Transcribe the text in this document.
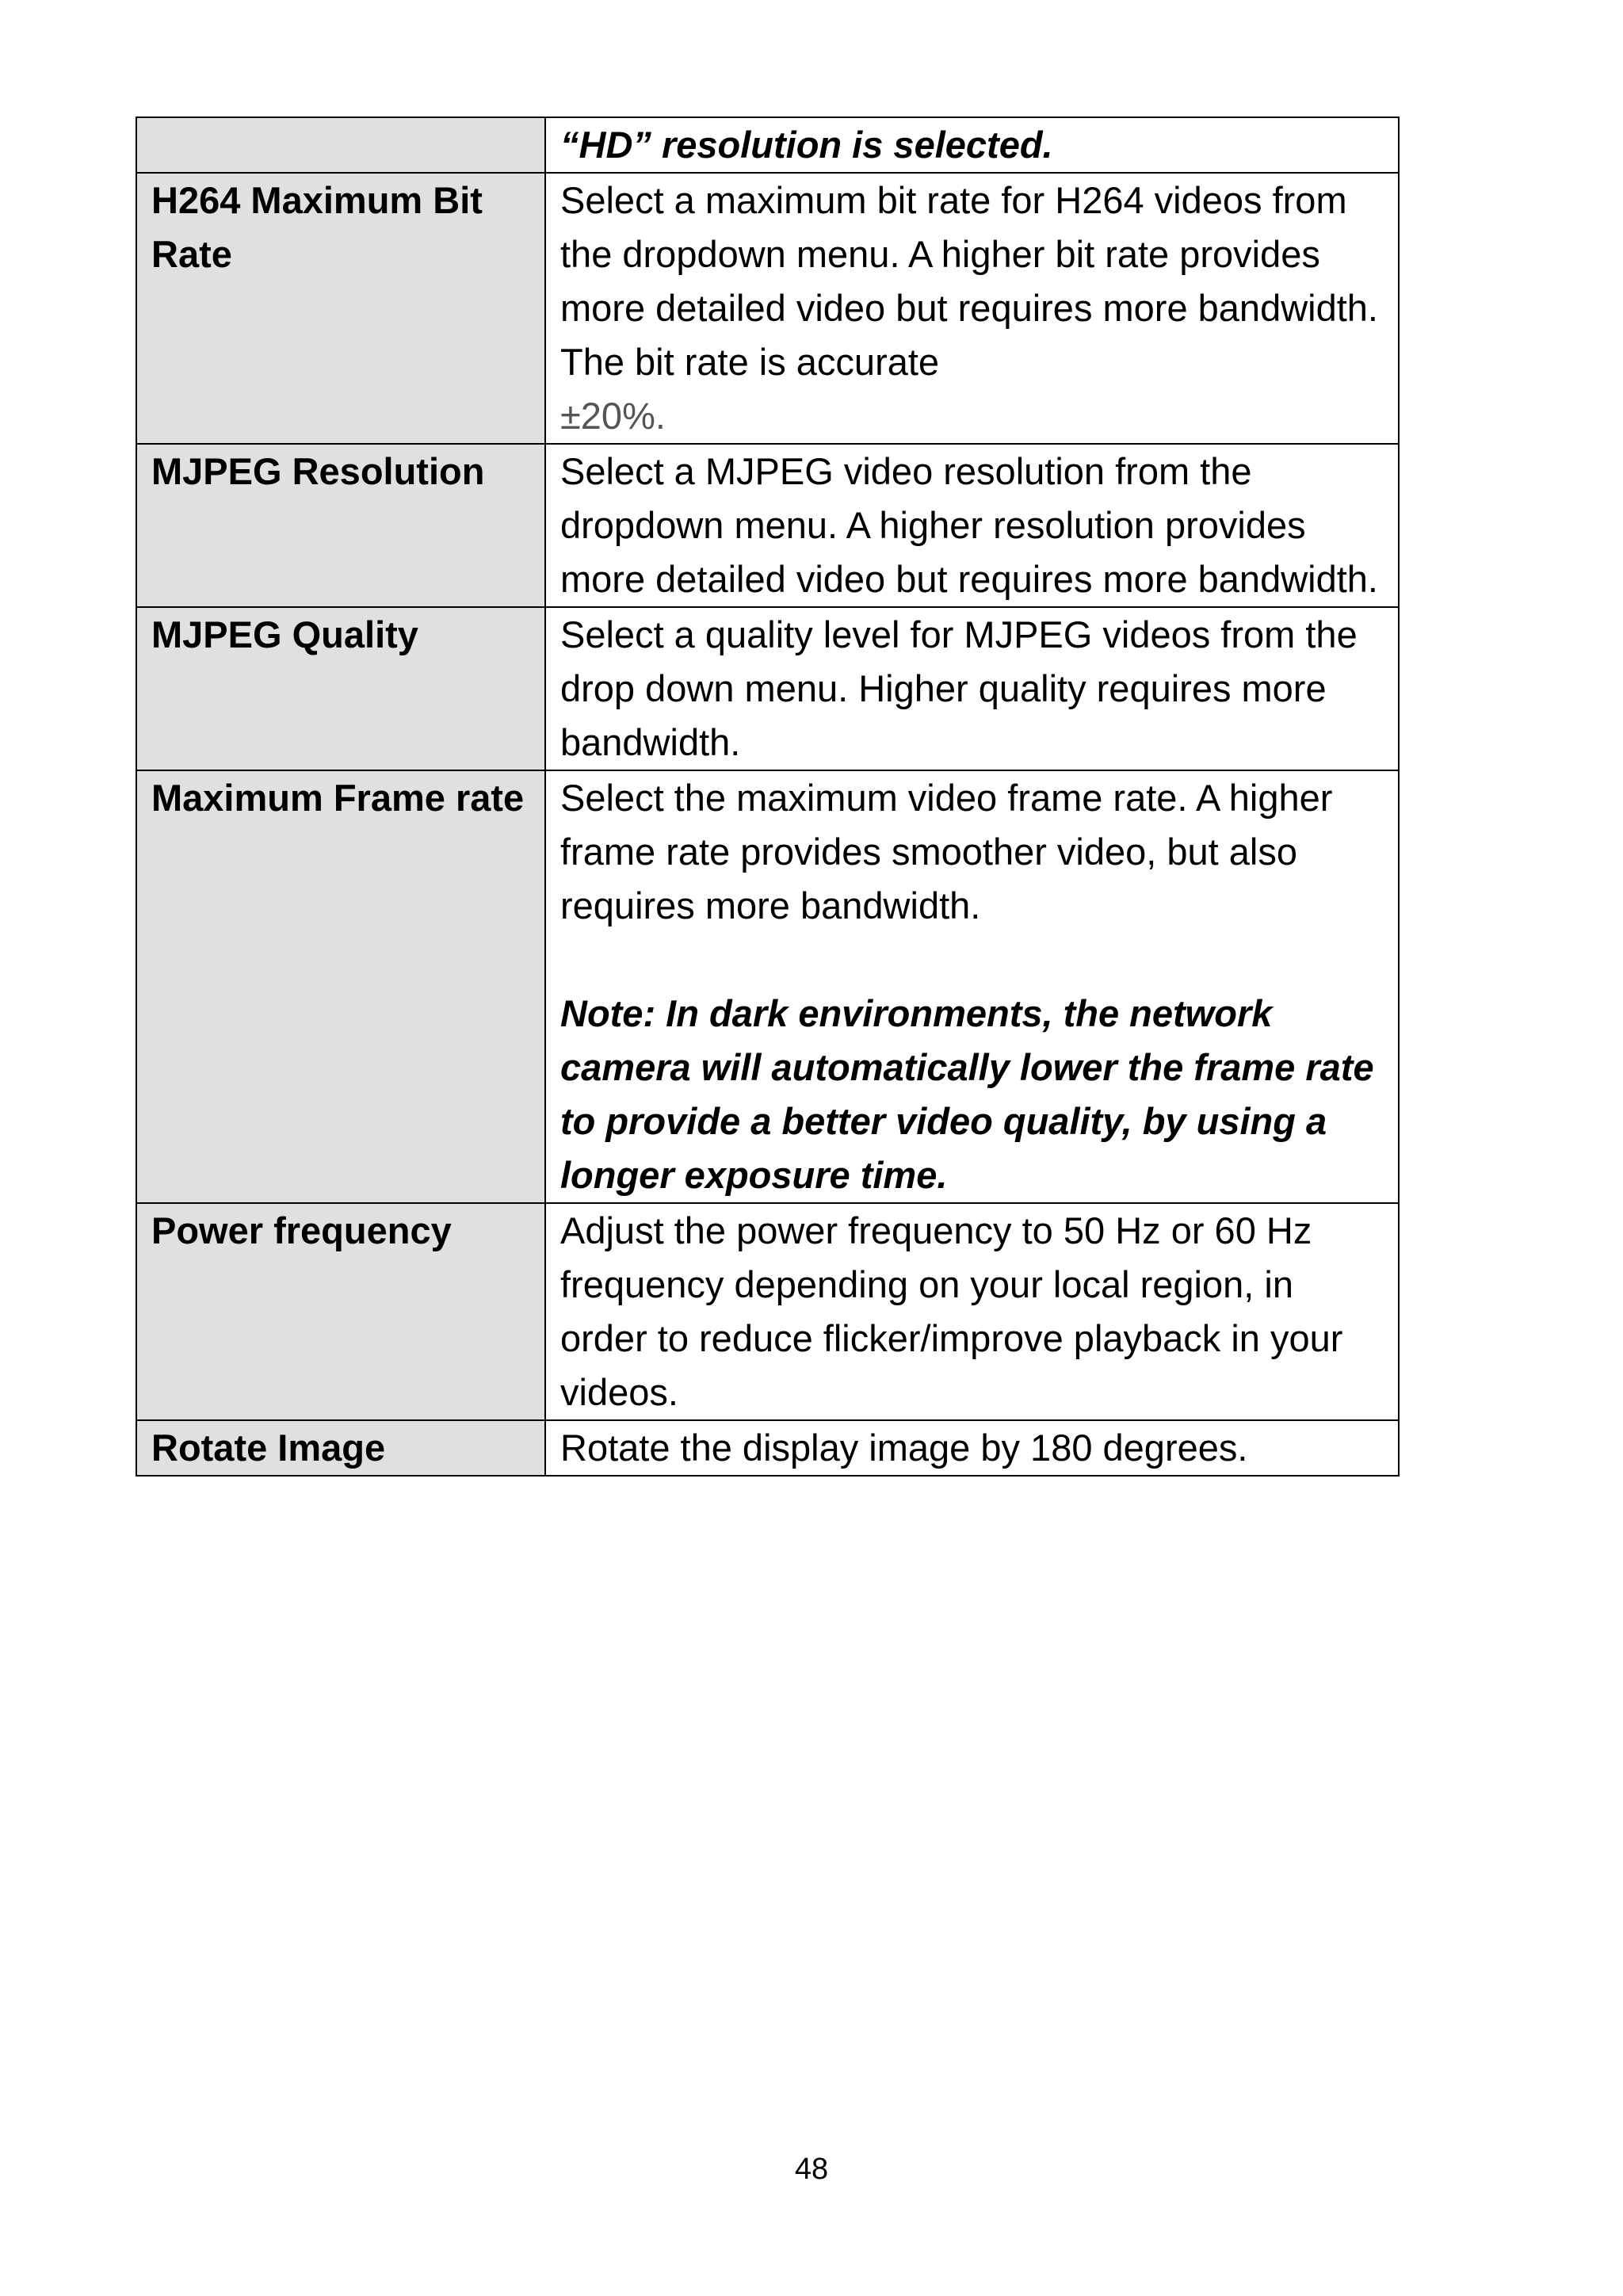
	“HD” resolution is selected.
H264 Maximum Bit Rate	Select a maximum bit rate for H264 videos from the dropdown menu. A higher bit rate provides more detailed video but requires more bandwidth. The bit rate is accurate
±20%.
MJPEG Resolution	Select a MJPEG video resolution from the dropdown menu. A higher resolution provides more detailed video but requires more bandwidth.
MJPEG Quality	Select a quality level for MJPEG videos from the drop down menu. Higher quality requires more bandwidth.
Maximum Frame rate	Select the maximum video frame rate. A higher frame rate provides smoother video, but also requires more bandwidth.
Note: In dark environments, the network camera will automatically lower the frame rate to provide a better video quality, by using a longer exposure time.

Power frequency	Adjust the power frequency to 50 Hz or 60 Hz frequency depending on your local region, in order to reduce flicker/improve playback in your videos.
Rotate Image	Rotate the display image by 180 degrees.
48
